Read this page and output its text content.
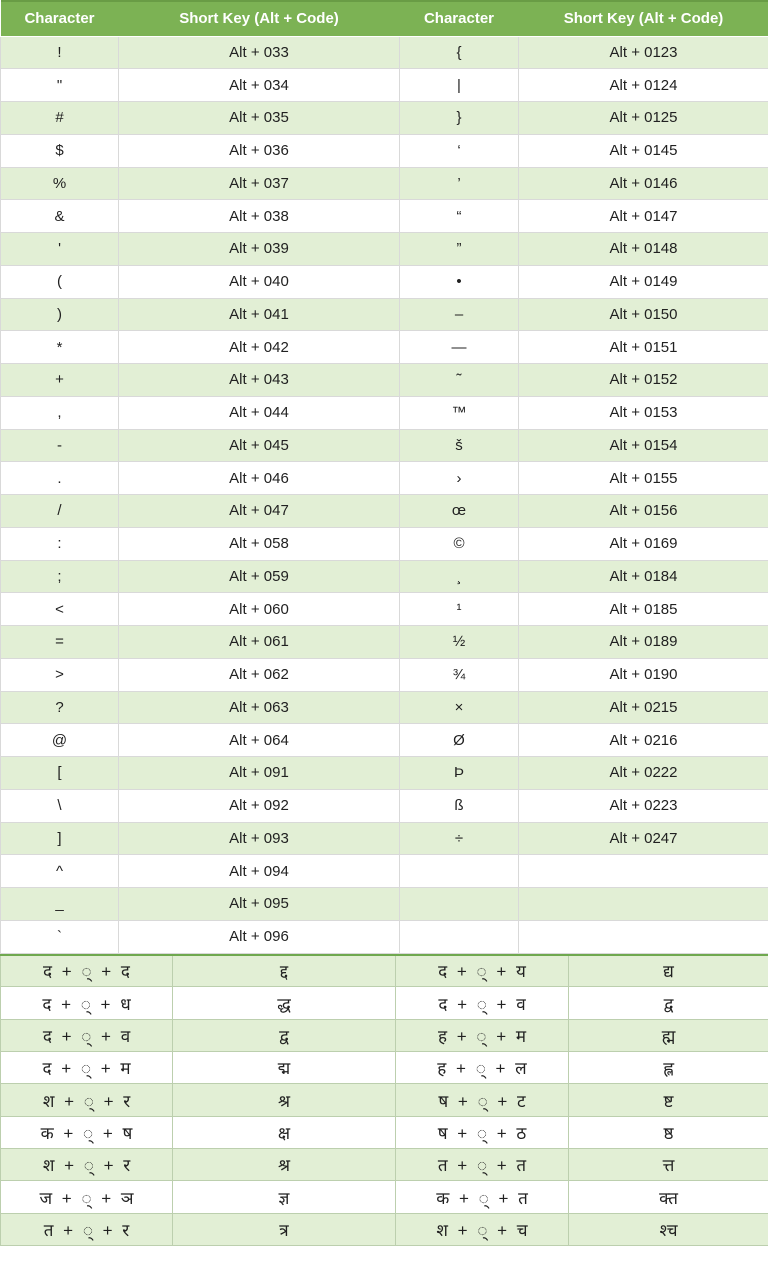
Character	Short Key (Alt + Code)	Character	Short Key (Alt + Code)
!	Alt + 033	{	Alt + 0123
"	Alt + 034	|	Alt + 0124
#	Alt + 035	}	Alt + 0125
$	Alt + 036	‘	Alt + 0145
%	Alt + 037	’	Alt + 0146
&	Alt + 038	“	Alt + 0147
'	Alt + 039	”	Alt + 0148
(	Alt + 040	•	Alt + 0149
)	Alt + 041	–	Alt + 0150
*	Alt + 042	—	Alt + 0151
+	Alt + 043	˜	Alt + 0152
,	Alt + 044	™	Alt + 0153
-	Alt + 045	š	Alt + 0154
.	Alt + 046	›	Alt + 0155
/	Alt + 047	œ	Alt + 0156
:	Alt + 058	©	Alt + 0169
;	Alt + 059	¸	Alt + 0184
<	Alt + 060	¹	Alt + 0185
=	Alt + 061	½	Alt + 0189
>	Alt + 062	¾	Alt + 0190
?	Alt + 063	×	Alt + 0215
@	Alt + 064	Ø	Alt + 0216
[	Alt + 091	Þ	Alt + 0222
\	Alt + 092	ß	Alt + 0223
]	Alt + 093	÷	Alt + 0247
^	Alt + 094		
_	Alt + 095		
`	Alt + 096		
द + ◌् + द	द्द	द + ◌् + य	द्य
द + ◌् + ध	द्ध	द + ◌् + व	द्व
द + ◌् + व	द्व	ह + ◌् + म	ह्म
द + ◌् + म	द्म	ह + ◌् + ल	ह्ल
श + ◌् + र	श्र	ष + ◌् + ट	ष्ट
क + ◌् + ष	क्ष	ष + ◌् + ठ	ष्ठ
श + ◌् + र	श्र	त + ◌् + त	त्त
ज + ◌् + ञ	ज्ञ	क + ◌् + त	क्त
त + ◌् + र	त्र	श + ◌् + च	श्च
